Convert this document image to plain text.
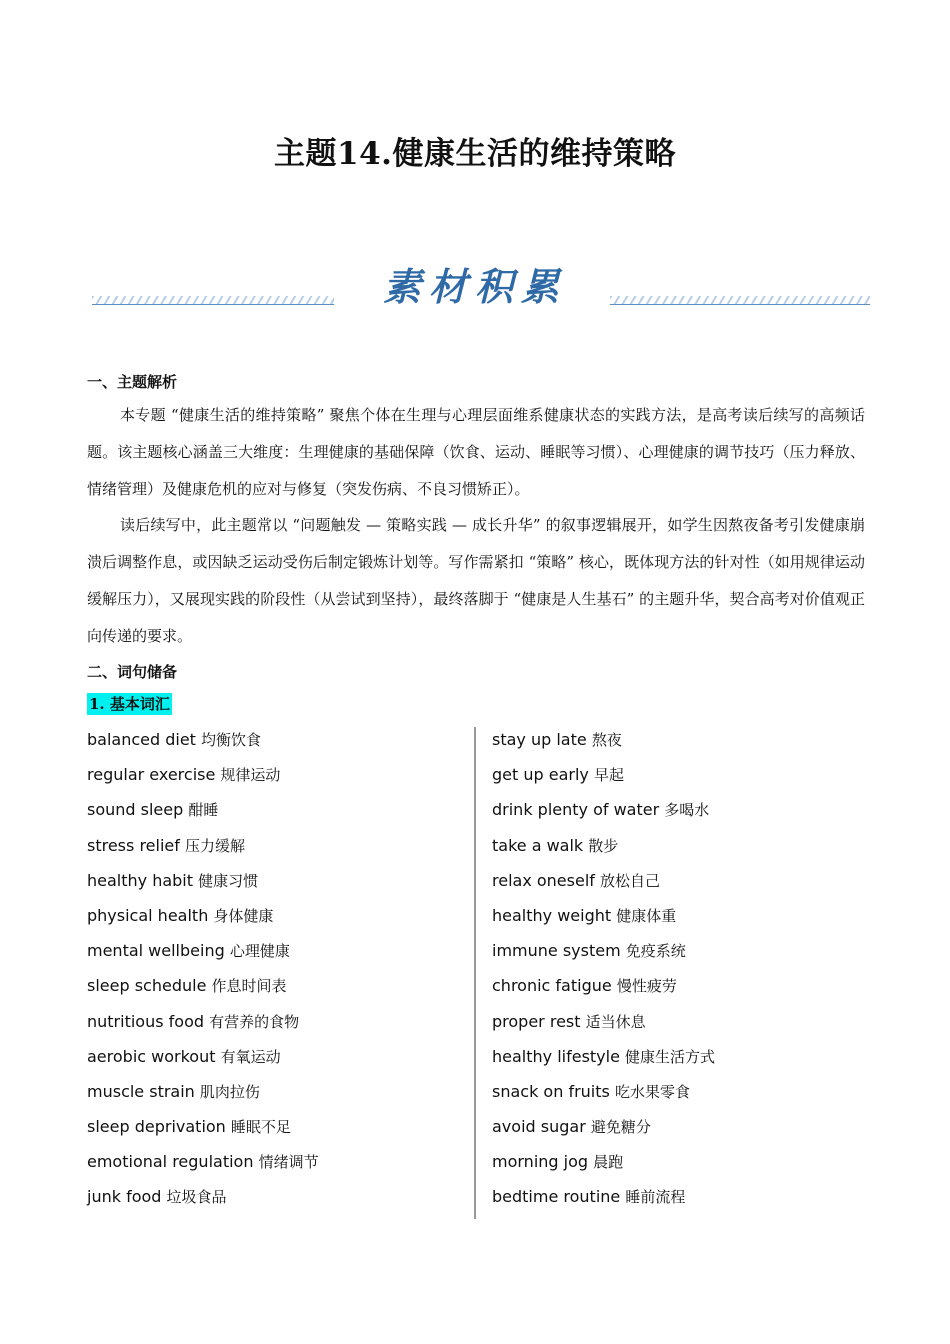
主题14.健康生活的维持策略
素材积累
一、主题解析

本专题 “健康生活的维持策略” 聚焦个体在生理与心理层面维系健康状态的实践方法，是高考读后续写的高频话题。该主题核心涵盖三大维度：生理健康的基础保障（饮食、运动、睡眠等习惯）、心理健康的调节技巧（压力释放、情绪管理）及健康危机的应对与修复（突发伤病、不良习惯矫正）。

读后续写中，此主题常以 “问题触发 — 策略实践 — 成长升华” 的叙事逻辑展开，如学生因熬夜备考引发健康崩溃后调整作息，或因缺乏运动受伤后制定锻炼计划等。写作需紧扣 “策略” 核心，既体现方法的针对性（如用规律运动缓解压力），又展现实践的阶段性（从尝试到坚持），最终落脚于 “健康是人生基石” 的主题升华，契合高考对价值观正向传递的要求。

二、词句储备
1. 基本词汇
balanced diet 均衡饮食
regular exercise 规律运动
sound sleep 酣睡
stress relief 压力缓解
healthy habit 健康习惯
physical health 身体健康
mental wellbeing 心理健康
sleep schedule 作息时间表
nutritious food 有营养的食物
aerobic workout 有氧运动
muscle strain 肌肉拉伤
sleep deprivation 睡眠不足
emotional regulation 情绪调节
junk food 垃圾食品
stay up late 熬夜
get up early 早起
drink plenty of water 多喝水
take a walk 散步
relax oneself 放松自己
healthy weight 健康体重
immune system 免疫系统
chronic fatigue 慢性疲劳
proper rest 适当休息
healthy lifestyle 健康生活方式
snack on fruits 吃水果零食
avoid sugar 避免糖分
morning jog 晨跑
bedtime routine 睡前流程
